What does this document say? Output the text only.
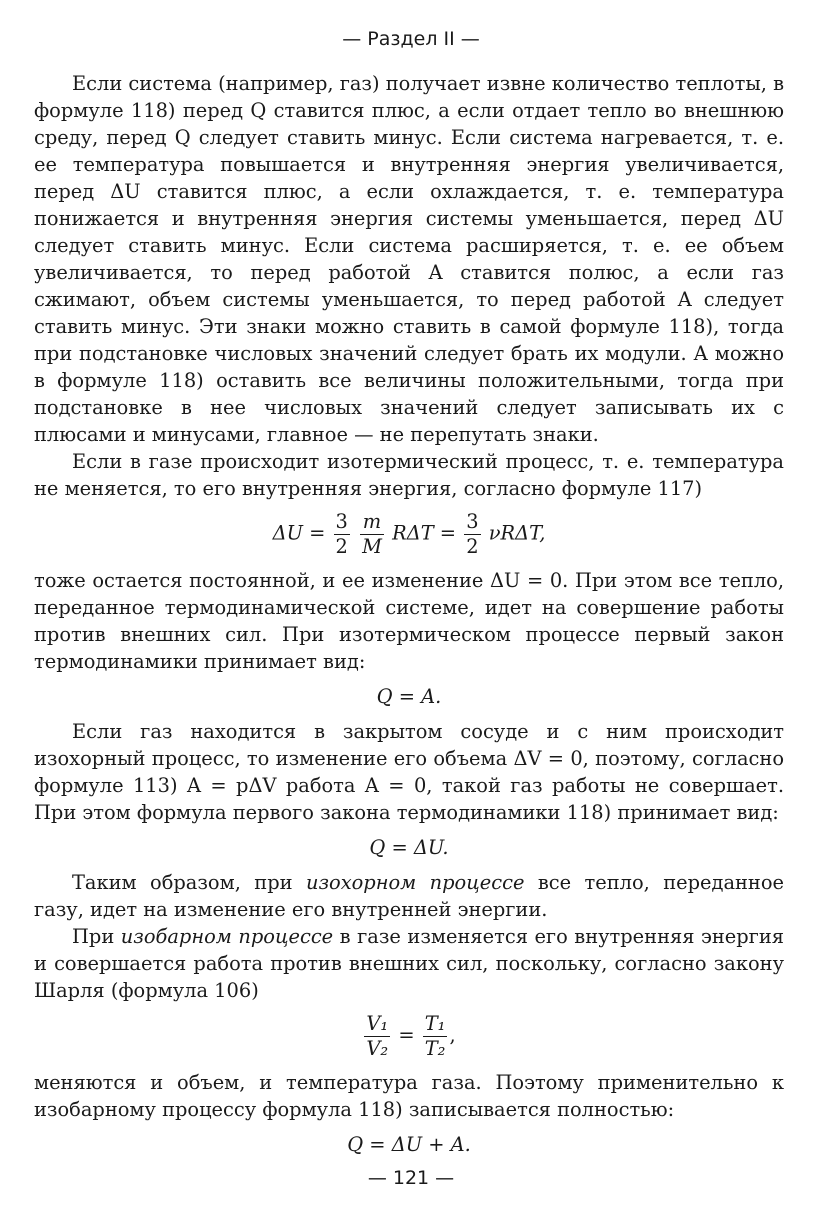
— Раздел II —

Если система (например, газ) получает извне количество теплоты, в формуле 118) перед Q ставится плюс, а если отдает тепло во внешнюю среду, перед Q следует ставить минус. Если система нагревается, т. е. ее температура повышается и внутренняя энергия увеличивается, перед ΔU ставится плюс, а если охлаждается, т. е. температура понижается и внутренняя энергия системы уменьшается, перед ΔU следует ставить минус. Если система расширяется, т. е. ее объем увеличивается, то перед работой A ставится полюс, а если газ сжимают, объем системы уменьшается, то перед работой A следует ставить минус. Эти знаки можно ставить в самой формуле 118), тогда при подстановке числовых значений следует брать их модули. А можно в формуле 118) оставить все величины положительными, тогда при подстановке в нее числовых значений следует записывать их с плюсами и минусами, главное — не перепутать знаки.

Если в газе происходит изотермический процесс, т. е. температура не меняется, то его внутренняя энергия, согласно формуле 117)

$\Delta U = \frac{3}{2}$
$\frac{m}{M}$ $R\Delta T = \frac{3}{2} \nu R\Delta T$,

тоже остается постоянной, и ее изменение ΔU = 0. При этом все тепло, переданное термодинамической системе, идет на совершение работы против внешних сил. При изотермическом процессе первый закон термодинамики принимает вид:

Q = A.

Если газ находится в закрытом сосуде и с ним происходит изохорный процесс, то изменение его объема ΔV = 0, поэтому, согласно формуле 113) A = pΔV работа A = 0, такой газ работы не совершает. При этом формула первого закона термодинамики 118) принимает вид:

Q = ΔU.

Таким образом, при изохорном процессе все тепло, переданное газу, идет на изменение его внутренней энергии.

При изобарном процессе в газе изменяется его внутренняя энергия и совершается работа против внешних сил, поскольку, согласно закону Шарля (формула 106)

$\frac{\text{V₁}}{\text{V₂}} = \frac{\text{T₁}}{\text{T₂}}$ ,

меняются и объем, и температура газа. Поэтому применительно к изобарному процессу формула 118) записывается полностью:

Q = ΔU + A.
— 121 —
